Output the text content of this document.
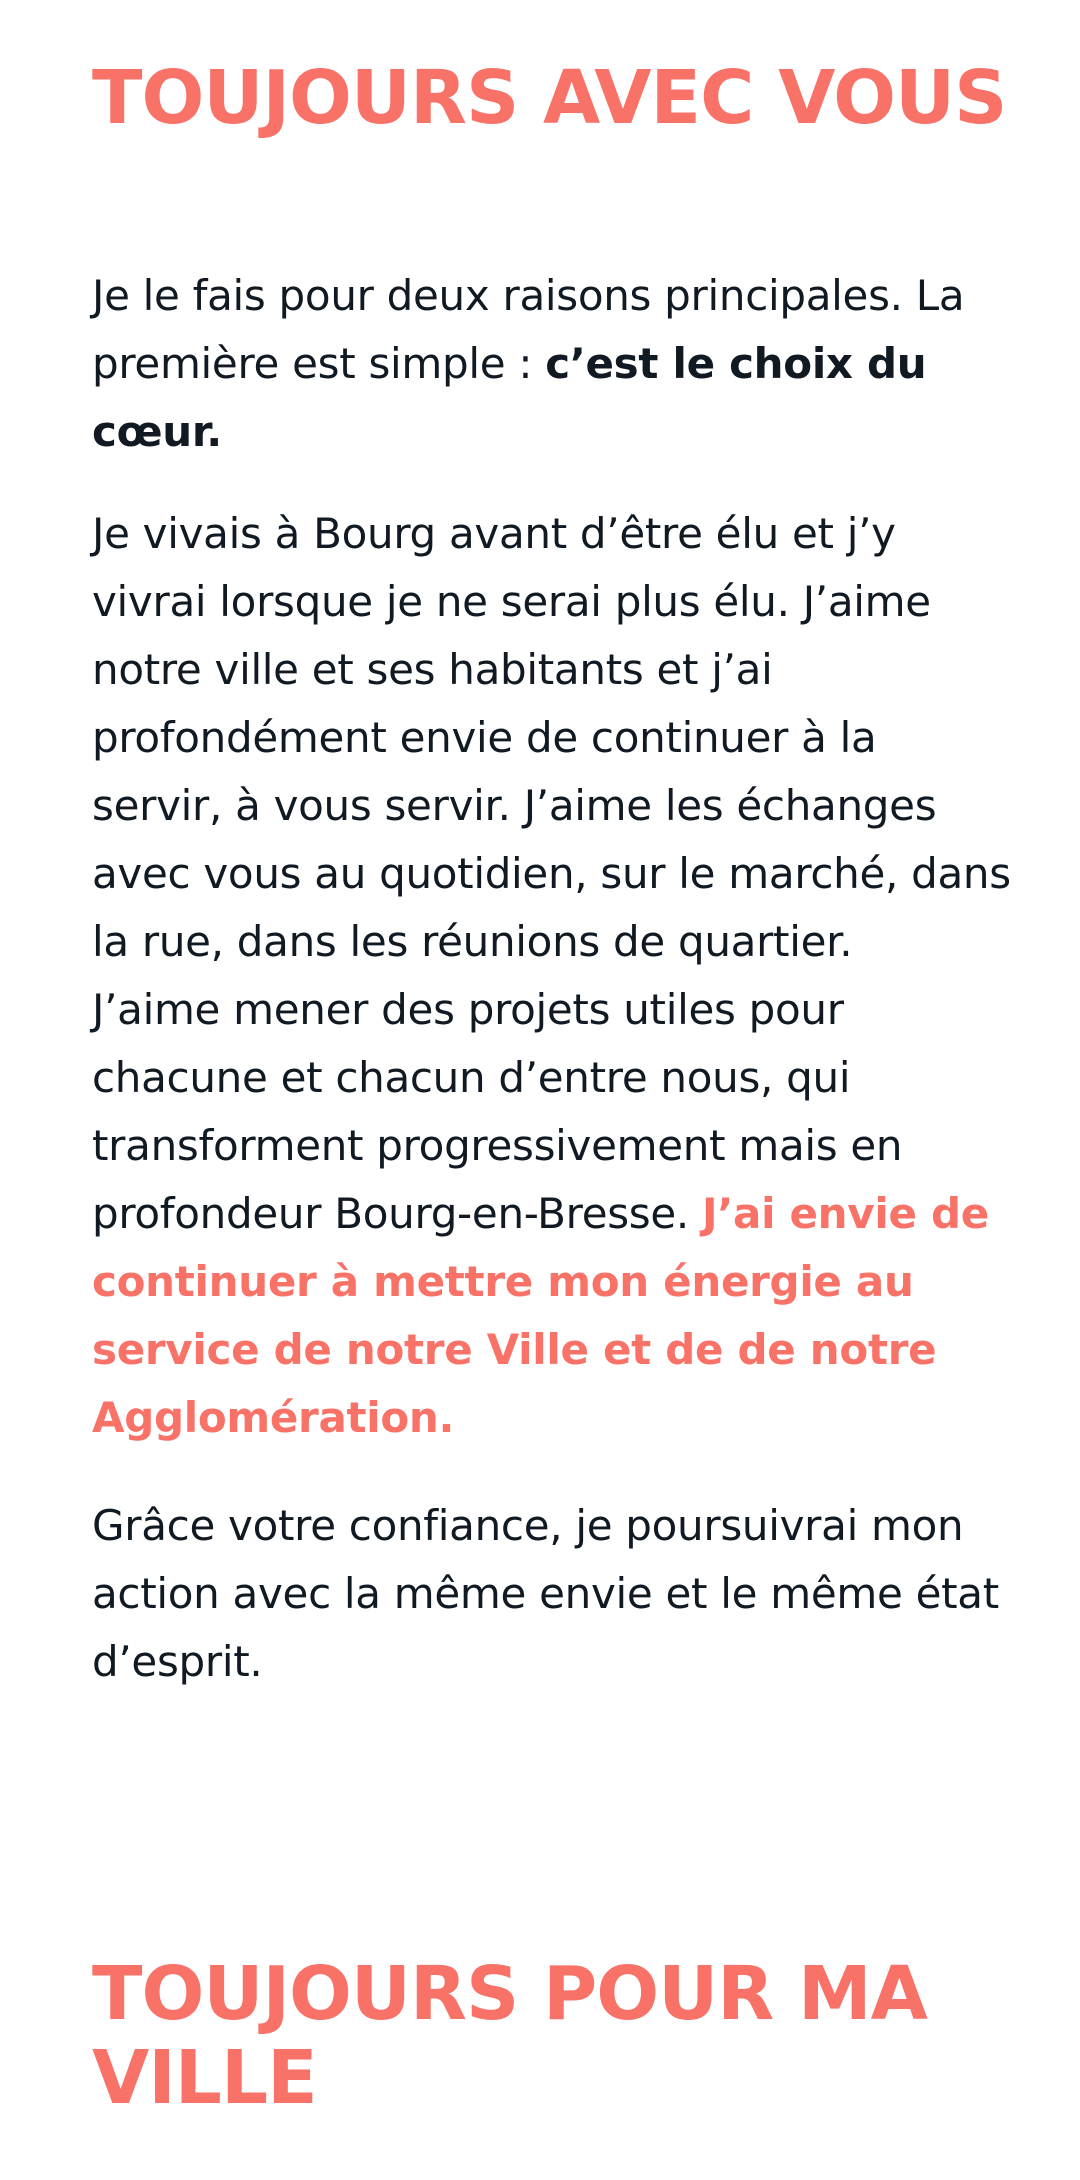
TOUJOURS AVEC VOUS

Je le fais pour deux raisons principales. La première est simple : c’est le choix du cœur.

Je vivais à Bourg avant d’être élu et j’y vivrai lorsque je ne serai plus élu. J’aime notre ville et ses habitants et j’ai profondément envie de continuer à la servir, à vous servir. J’aime les échanges avec vous au quotidien, sur le marché, dans la rue, dans les réunions de quartier.
J’aime mener des projets utiles pour chacune et chacun d’entre nous, qui transforment progressivement mais en profondeur Bourg-en-Bresse. J’ai envie de continuer à mettre mon énergie au service de notre Ville et de de notre Agglomération.

Grâce votre confiance, je poursuivrai mon action avec la même envie et le même état d’esprit.

TOUJOURS POUR MA VILLE
